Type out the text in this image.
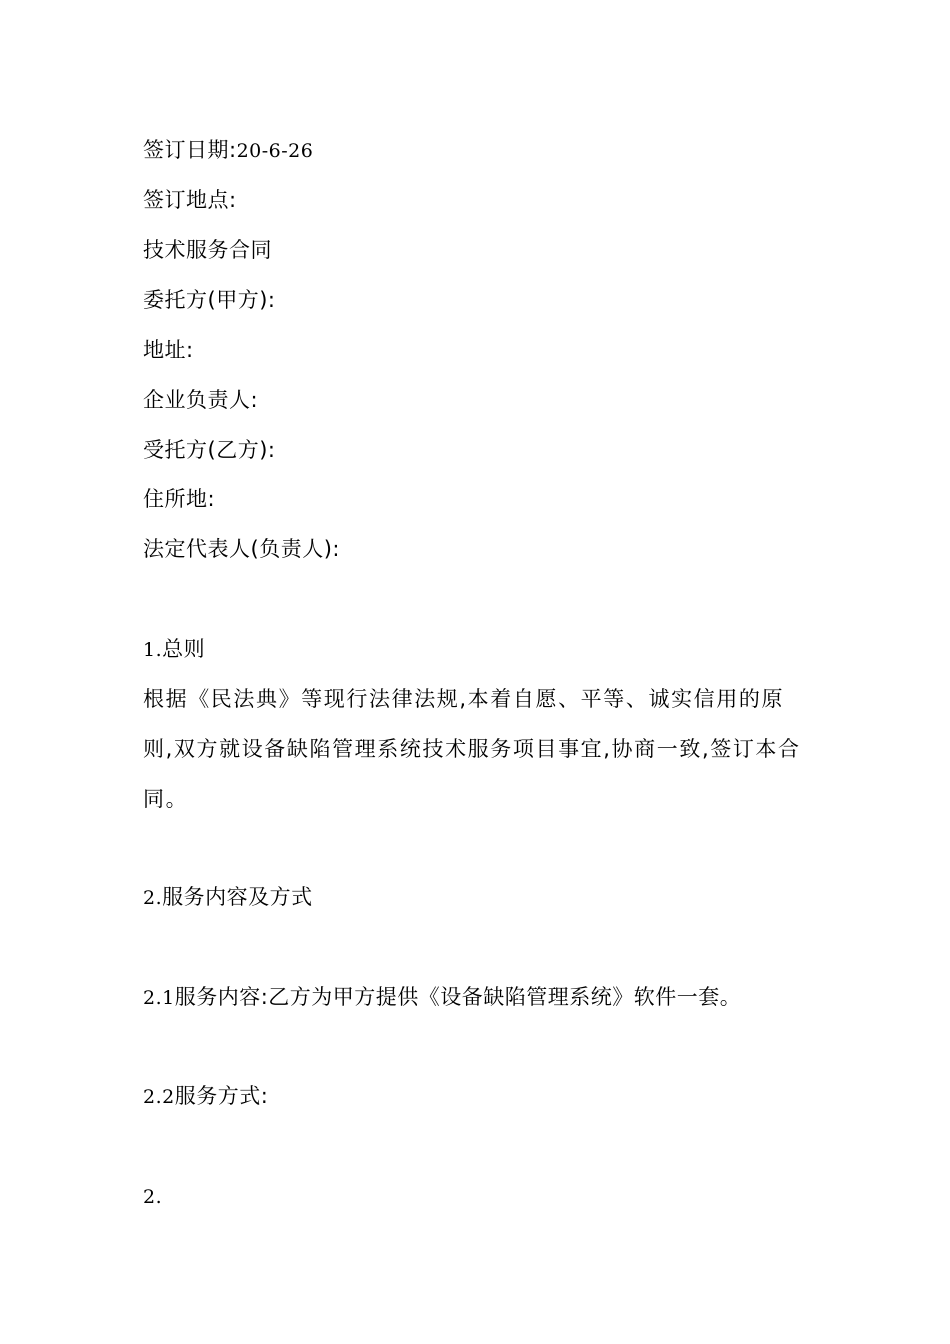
签订日期:20-6-26
签订地点:
技术服务合同
委托方(甲方):
地址:
企业负责人:
受托方(乙方):
住所地:
法定代表人(负责人):
1.总则
根据《民法典》等现行法律法规,本着自愿、平等、诚实信用的原则,双方就设备缺陷管理系统技术服务项目事宜,协商一致,签订本合同。
2.服务内容及方式
2.1服务内容:乙方为甲方提供《设备缺陷管理系统》软件一套。
2.2服务方式:
2.
